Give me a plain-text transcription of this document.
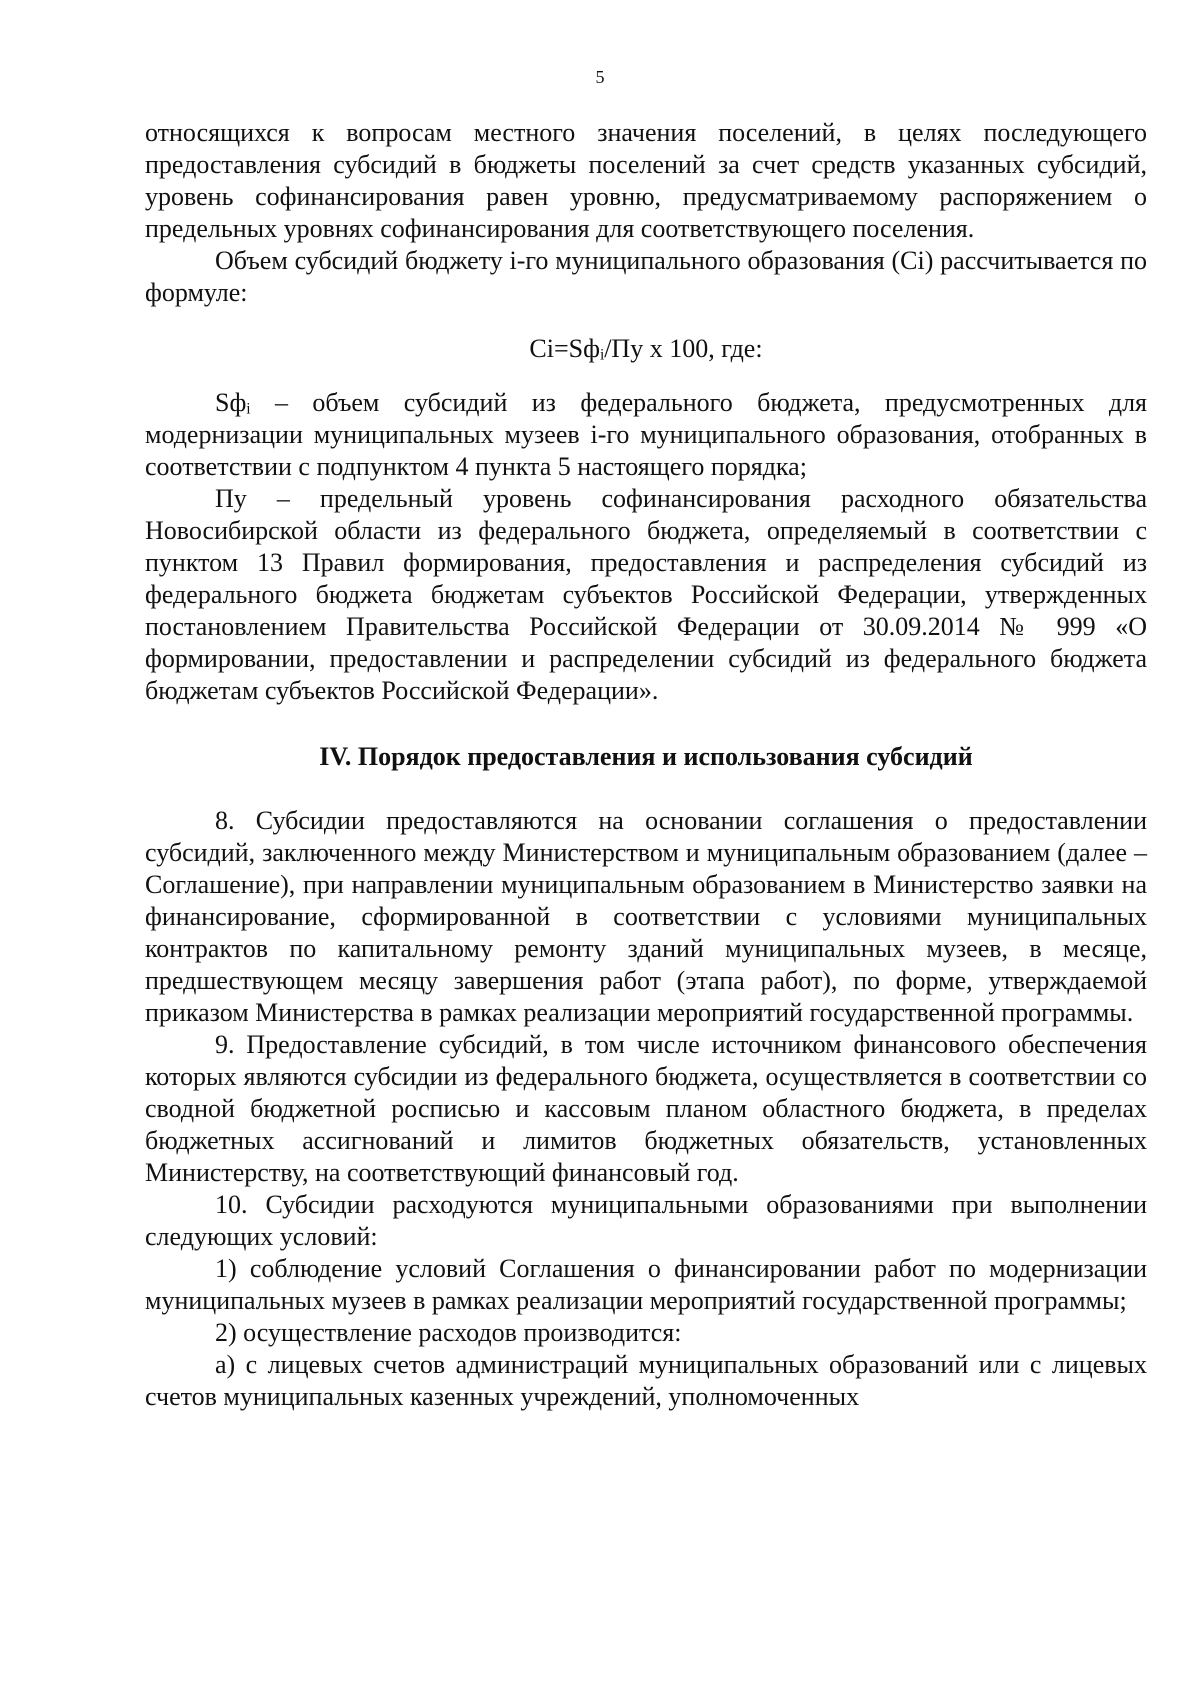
5

относящихся к вопросам местного значения поселений, в целях последующего предоставления субсидий в бюджеты поселений за счет средств указанных субсидий, уровень софинансирования равен уровню, предусматриваемому распоряжением о предельных уровнях софинансирования для соответствующего поселения.

Объем субсидий бюджету i-го муниципального образования (Ci) рассчитывается по формуле:

Ci=Sфᵢ/Пу х 100, где:

Sфᵢ – объем субсидий из федерального бюджета, предусмотренных для модернизации муниципальных музеев i-го муниципального образования, отобранных в соответствии с подпунктом 4 пункта 5 настоящего порядка;

Пу – предельный уровень софинансирования расходного обязательства Новосибирской области из федерального бюджета, определяемый в соответствии с пунктом 13 Правил формирования, предоставления и распределения субсидий из федерального бюджета бюджетам субъектов Российской Федерации, утвержденных постановлением Правительства Российской Федерации от 30.09.2014 № 999 «О формировании, предоставлении и распределении субсидий из федерального бюджета бюджетам субъектов Российской Федерации».

IV. Порядок предоставления и использования субсидий

8. Субсидии предоставляются на основании соглашения о предоставлении субсидий, заключенного между Министерством и муниципальным образованием (далее – Соглашение), при направлении муниципальным образованием в Министерство заявки на финансирование, сформированной в соответствии с условиями муниципальных контрактов по капитальному ремонту зданий муниципальных музеев, в месяце, предшествующем месяцу завершения работ (этапа работ), по форме, утверждаемой приказом Министерства в рамках реализации мероприятий государственной программы.

9. Предоставление субсидий, в том числе источником финансового обеспечения которых являются субсидии из федерального бюджета, осуществляется в соответствии со сводной бюджетной росписью и кассовым планом областного бюджета, в пределах бюджетных ассигнований и лимитов бюджетных обязательств, установленных Министерству, на соответствующий финансовый год.

10. Субсидии расходуются муниципальными образованиями при выполнении следующих условий:

1) соблюдение условий Соглашения о финансировании работ по модернизации муниципальных музеев в рамках реализации мероприятий государственной программы;

2) осуществление расходов производится:

а) с лицевых счетов администраций муниципальных образований или с лицевых счетов муниципальных казенных учреждений, уполномоченных
